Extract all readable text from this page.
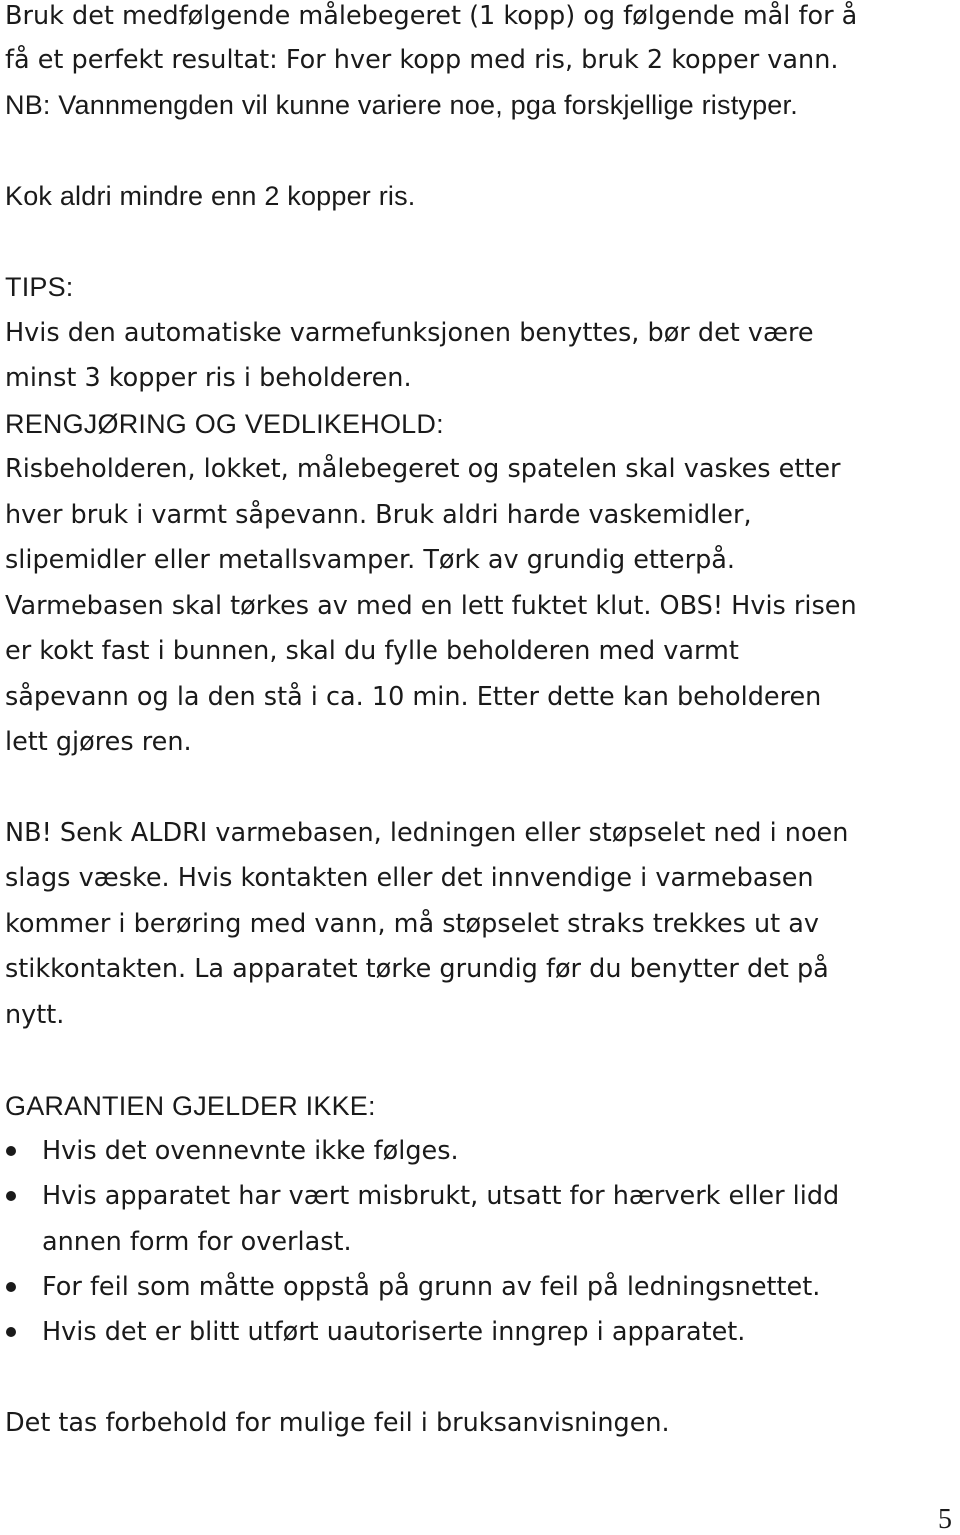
Bruk det medfølgende målebegeret (1 kopp) og følgende mål for å
få et perfekt resultat: For hver kopp med ris, bruk 2 kopper vann.
NB: Vannmengden vil kunne variere noe, pga forskjellige ristyper.
Kok aldri mindre enn 2 kopper ris.
TIPS:
Hvis den automatiske varmefunksjonen benyttes, bør det være
minst 3 kopper ris i beholderen.
RENGJØRING OG VEDLIKEHOLD:
Risbeholderen, lokket, målebegeret og spatelen skal vaskes etter
hver bruk i varmt såpevann. Bruk aldri harde vaskemidler,
slipemidler eller metallsvamper. Tørk av grundig etterpå.
Varmebasen skal tørkes av med en lett fuktet klut. OBS! Hvis risen
er kokt fast i bunnen, skal du fylle beholderen med varmt
såpevann og la den stå i ca. 10 min. Etter dette kan beholderen
lett gjøres ren.
NB! Senk ALDRI varmebasen, ledningen eller støpselet ned i noen
slags væske. Hvis kontakten eller det innvendige i varmebasen
kommer i berøring med vann, må støpselet straks trekkes ut av
stikkontakten. La apparatet tørke grundig før du benytter det på
nytt.
GARANTIEN GJELDER IKKE:
Hvis det ovennevnte ikke følges.
Hvis apparatet har vært misbrukt, utsatt for hærverk eller lidd
annen form for overlast.
For feil som måtte oppstå på grunn av feil på ledningsnettet.
Hvis det er blitt utført uautoriserte inngrep i apparatet.
Det tas forbehold for mulige feil i bruksanvisningen.
5
